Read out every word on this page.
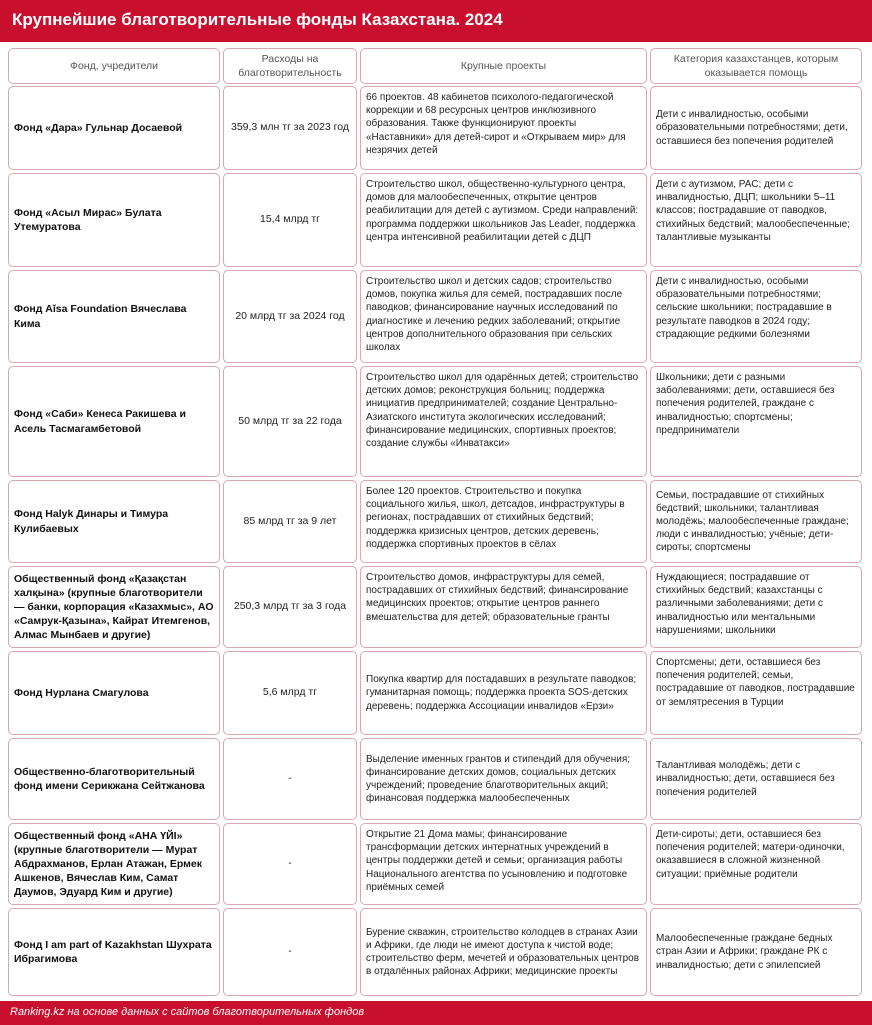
Крупнейшие благотворительные фонды Казахстана. 2024
Фонд, учредители
Расходы на благотворительность
Крупные проекты
Категория казахстанцев, которым оказывается помощь
Фонд «Дара» Гульнар Досаевой	359,3 млн тг за 2023 год
66 проектов. 48 кабинетов психолого-педагогической коррекции и 68 ресурсных центров инклюзивного образования. Также функционируют проекты «Наставники» для детей-сирот и «Открываем мир» для незрячих детей
Дети с инвалидностью, особыми образовательными потребностями; дети, оставшиеся без попечения родителей
Фонд «Асыл Мирас» Булата Утемуратова
15,4 млрд тг
Строительство школ, общественно-культурного центра, домов для малообеспеченных, открытие центров реабилитации для детей с аутизмом. Среди направлений: программа поддержки школьников Jas Leader, поддержка центра интенсивной реабилитации детей с ДЦП
Дети с аутизмом, РАС; дети с инвалидностью, ДЦП; школьники 5–11 классов; пострадавшие от паводков, стихийных бедствий; малообеспеченные; талантливые музыканты
Фонд Aĭsa Foundation Вячеслава Кима
20 млрд тг за 2024 год
Строительство школ и детских садов; строительство домов, покупка жилья для семей, пострадавших после паводков; финансирование научных исследований по диагностике и лечению редких заболеваний; открытие центров дополнительного образования при сельских школах
Дети с инвалидностью, особыми образовательными потребностями; сельские школьники; пострадавшие в результате паводков в 2024 году; страдающие редкими болезнями
Фонд «Саби» Кенеса Ракишева и Асель Тасмагамбетовой
50 млрд тг за 22 года
Строительство школ для одарённых детей; строительство детских домов; реконструкция больниц; поддержка инициатив предпринимателей; создание Центрально-Азиатского института экологических исследований; финансирование медицинских, спортивных проектов; создание службы «Инватакси»
Школьники; дети с разными заболеваниями; дети, оставшиеся без попечения родителей, граждане с инвалидностью; спортсмены; предприниматели
Фонд Halyk Динары и Тимура Кулибаевых
85 млрд тг за 9 лет
Более 120 проектов. Строительство и покупка социального жилья, школ, детсадов, инфраструктуры в регионах, пострадавших от стихийных бедствий; поддержка кризисных центров, детских деревень; поддержка спортивных проектов в сёлах
Семьи, пострадавшие от стихийных бедствий; школьники; талантливая молодёжь; малообеспеченные граждане; люди с инвалидностью; учёные; дети-сироты; спортсмены
Общественный фонд «Қазақстан халқына» (крупные благотворители — банки, корпорация «Казахмыс», АО «Самрук-Қазына», Кайрат Итемгенов, Алмас Мынбаев и другие)
250,3 млрд тг за 3 года
Строительство домов, инфраструктуры для семей, пострадавших от стихийных бедствий; финансирование медицинских проектов; открытие центров раннего вмешательства для детей; образовательные гранты
Нуждающиеся; пострадавшие от стихийных бедствий; казахстанцы с различными заболеваниями; дети с инвалидностью или ментальными нарушениями; школьники
Фонд Нурлана Смагулова	5,6 млрд тг
Покупка квартир для постадавших в результате паводков; гуманитарная помощь; поддержка проекта SOS-детских деревень; поддержка Ассоциации инвалидов «Ерзи»
Спортсмены; дети, оставшиеся без попечения родителей; семьи, пострадавшие от паводков, пострадавшие от землятресения в Турции
Общественно-благотворительный фонд имени Серикжана Сейтжанова
-
Выделение именных грантов и стипендий для обучения; финансирование детских домов, социальных детских учреждений; проведение благотворительных акций; финансовая поддержка малообеспеченных
Талантливая молодёжь; дети с инвалидностью; дети, оставшиеся без попечения родителей
Общественный фонд «АНА ҮЙІ» (крупные благотворители — Мурат Абдрахманов, Ерлан Атажан, Ермек Ашкенов, Вячеслав Ким, Самат Даумов, Эдуард Ким и другие)
-
Открытие 21 Дома мамы; финансирование трансформации детских интернатных учреждений в центры поддержки детей и семьи; организация работы Национального агентства по усыновлению и подготовке приёмных семей
Дети-сироты; дети, оставшиеся без попечения родителей; матери-одиночки, оказавшиеся в сложной жизненной ситуации; приёмные родители
Фонд I am part of Kazakhstan Шухрата Ибрагимова
-
Бурение скважин, строительство колодцев в странах Азии и Африки, где люди не имеют доступа к чистой воде; строительство ферм, мечетей и образовательных центров в отдалённых районах Африки; медицинские проекты
Малообеспеченные граждане бедных стран Азии и Африки; граждане РК с инвалидностью; дети с эпилепсией
Ranking.kz на основе данных с сайтов благотворительных фондов
